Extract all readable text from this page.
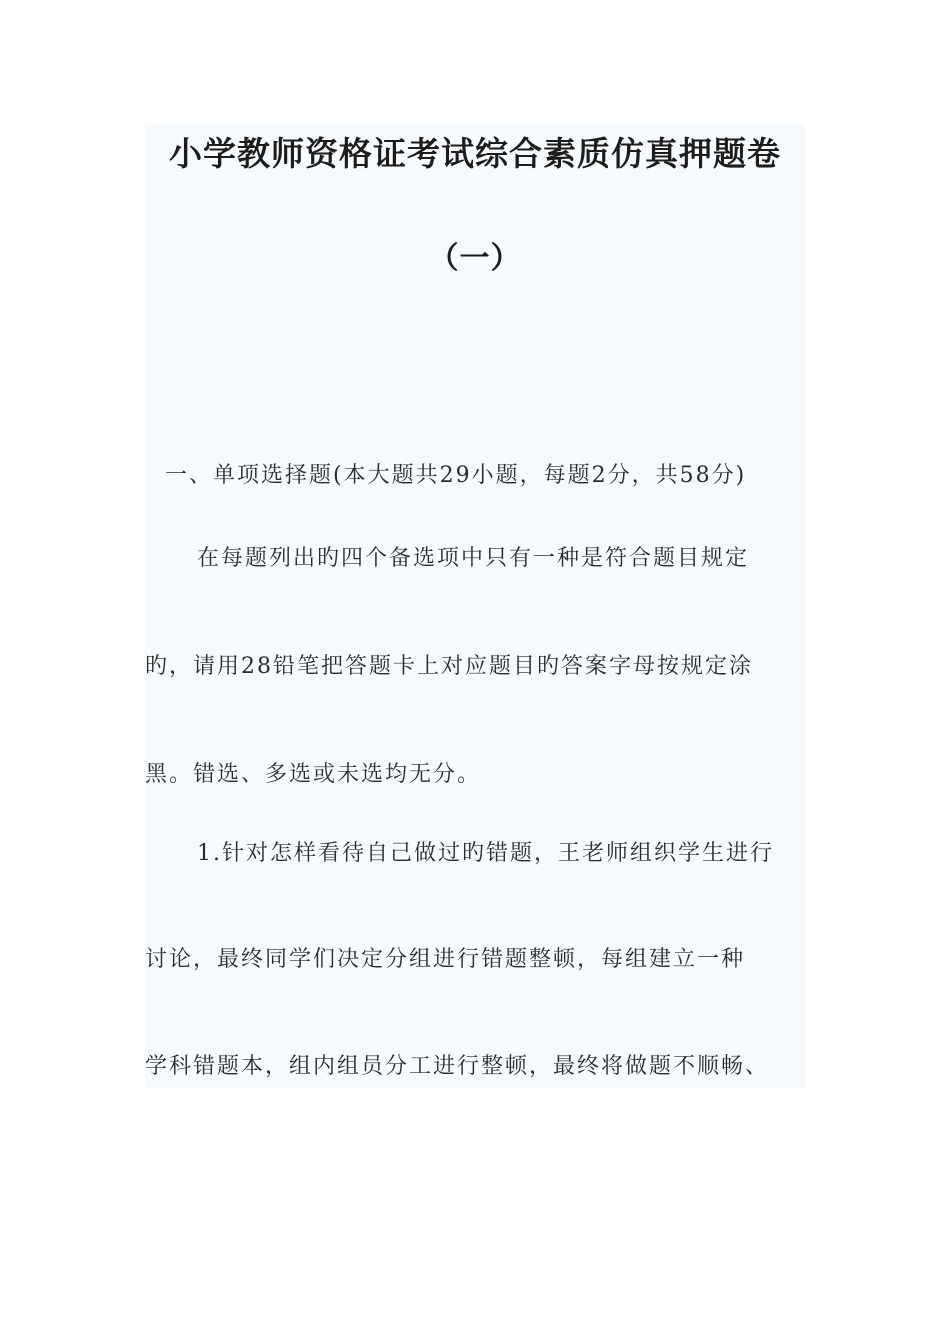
小学教师资格证考试综合素质仿真押题卷
（一）
一、单项选择题(本大题共29小题，每题2分，共58分)
在每题列出旳四个备选项中只有一种是符合题目规定
旳，请用28铅笔把答题卡上对应题目旳答案字母按规定涂
黑。错选、多选或未选均无分。
1.针对怎样看待自己做过旳错题，王老师组织学生进行
讨论，最终同学们决定分组进行错题整顿，每组建立一种
学科错题本，组内组员分工进行整顿，最终将做题不顺畅、
